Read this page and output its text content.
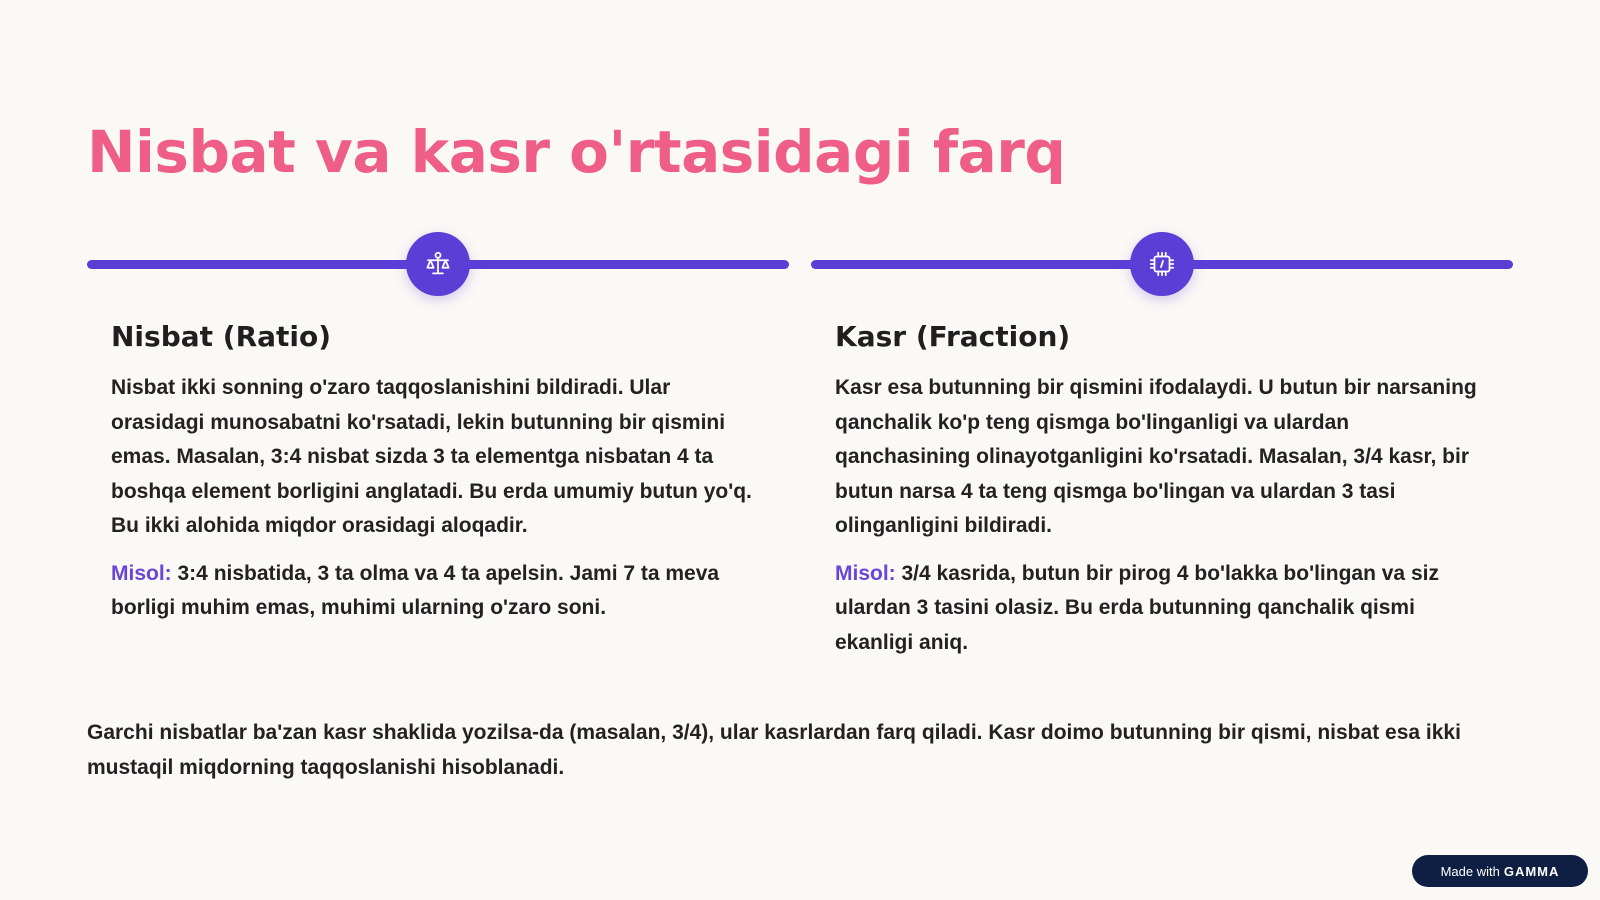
Nisbat va kasr o'rtasidagi farq
Nisbat (Ratio)

Nisbat ikki sonning o'zaro taqqoslanishini bildiradi. Ular orasidagi munosabatni ko'rsatadi, lekin butunning bir qismini emas. Masalan, 3:4 nisbat sizda 3 ta elementga nisbatan 4 ta boshqa element borligini anglatadi. Bu erda umumiy butun yo'q. Bu ikki alohida miqdor orasidagi aloqadir.

Misol: 3:4 nisbatida, 3 ta olma va 4 ta apelsin. Jami 7 ta meva borligi muhim emas, muhimi ularning o'zaro soni.

Kasr (Fraction)

Kasr esa butunning bir qismini ifodalaydi. U butun bir narsaning qanchalik ko'p teng qismga bo'linganligi va ulardan qanchasining olinayotganligini ko'rsatadi. Masalan, 3/4 kasr, bir butun narsa 4 ta teng qismga bo'lingan va ulardan 3 tasi olinganligini bildiradi.

Misol: 3/4 kasrida, butun bir pirog 4 bo'lakka bo'lingan va siz ulardan 3 tasini olasiz. Bu erda butunning qanchalik qismi ekanligi aniq.

Garchi nisbatlar ba'zan kasr shaklida yozilsa-da (masalan, 3/4), ular kasrlardan farq qiladi. Kasr doimo butunning bir qismi, nisbat esa ikki mustaqil miqdorning taqqoslanishi hisoblanadi.

Made with GAMMA
